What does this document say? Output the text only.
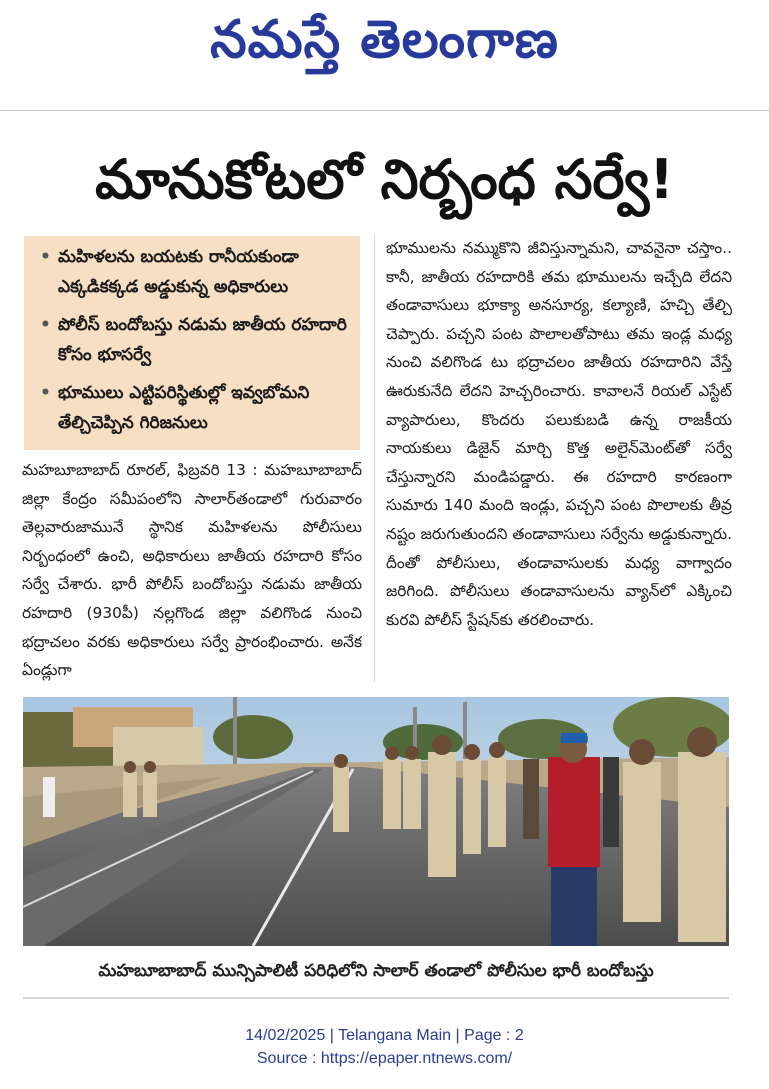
నమస్తే తెలంగాణ
మానుకోటలో నిర్బంధ సర్వే!
• మహిళలను బయటకు రానీయకుండా ఎక్కడికక్కడ అడ్డుకున్న అధికారులు
• పోలీస్ బందోబస్తు నడుమ జాతీయ రహదారి కోసం భూసర్వే
• భూములు ఎట్టిపరిస్థితుల్లో ఇవ్వబోమని తేల్చిచెప్పిన గిరిజనులు
మహబూబాబాద్ రూరల్, ఫిబ్రవరి 13 : మహబూబాబాద్ జిల్లా కేంద్రం సమీపంలోని సాలార్‌తండాలో గురువారం తెల్లవారుజామునే స్థానిక మహిళలను పోలీసులు నిర్బంధంలో ఉంచి, అధికారులు జాతీయ రహదారి కోసం సర్వే చేశారు. భారీ పోలీస్ బందోబస్తు నడుమ జాతీయ రహదారి (930పీ) నల్లగొండ జిల్లా వలిగొండ నుంచి భద్రాచలం వరకు అధికారులు సర్వే ప్రారంభించారు. అనేక ఏండ్లుగా
భూములను నమ్ముకొని జీవిస్తున్నామని, చావనైనా చస్తాం.. కానీ, జాతీయ రహదారికి తమ భూములను ఇచ్చేది లేదని తండావాసులు భూక్యా అనసూర్య, కల్యాణి, హచ్చి తేల్చి చెప్పారు. పచ్చని పంట పొలాలతోపాటు తమ ఇండ్ల మధ్య నుంచి వలిగొండ టు భద్రాచలం జాతీయ రహదారిని వేస్తే ఊరుకునేది లేదని హెచ్చరించారు. కావాలనే రియల్ ఎస్టేట్ వ్యాపారులు, కొందరు పలుకుబడి ఉన్న రాజకీయ నాయకులు డిజైన్ మార్చి కొత్త అలైన్‌మెంట్‌తో సర్వే చేస్తున్నారని మండిపడ్డారు. ఈ రహదారి కారణంగా సుమారు 140 మంది ఇండ్లు, పచ్చని పంట పొలాలకు తీవ్ర నష్టం జరుగుతుందని తండావాసులు సర్వేను అడ్డుకున్నారు. దీంతో పోలీసులు, తండావాసులకు మధ్య వాగ్వాదం జరిగింది. పోలీసులు తండావాసులను వ్యాన్‌లో ఎక్కించి కురవి పోలీస్ స్టేషన్‌కు తరలించారు.
మహబూబాబాద్ మున్సిపాలిటీ పరిధిలోని సాలార్ తండాలో పోలీసుల భారీ బందోబస్తు
14/02/2025 | Telangana Main | Page : 2
Source : https://epaper.ntnews.com/
